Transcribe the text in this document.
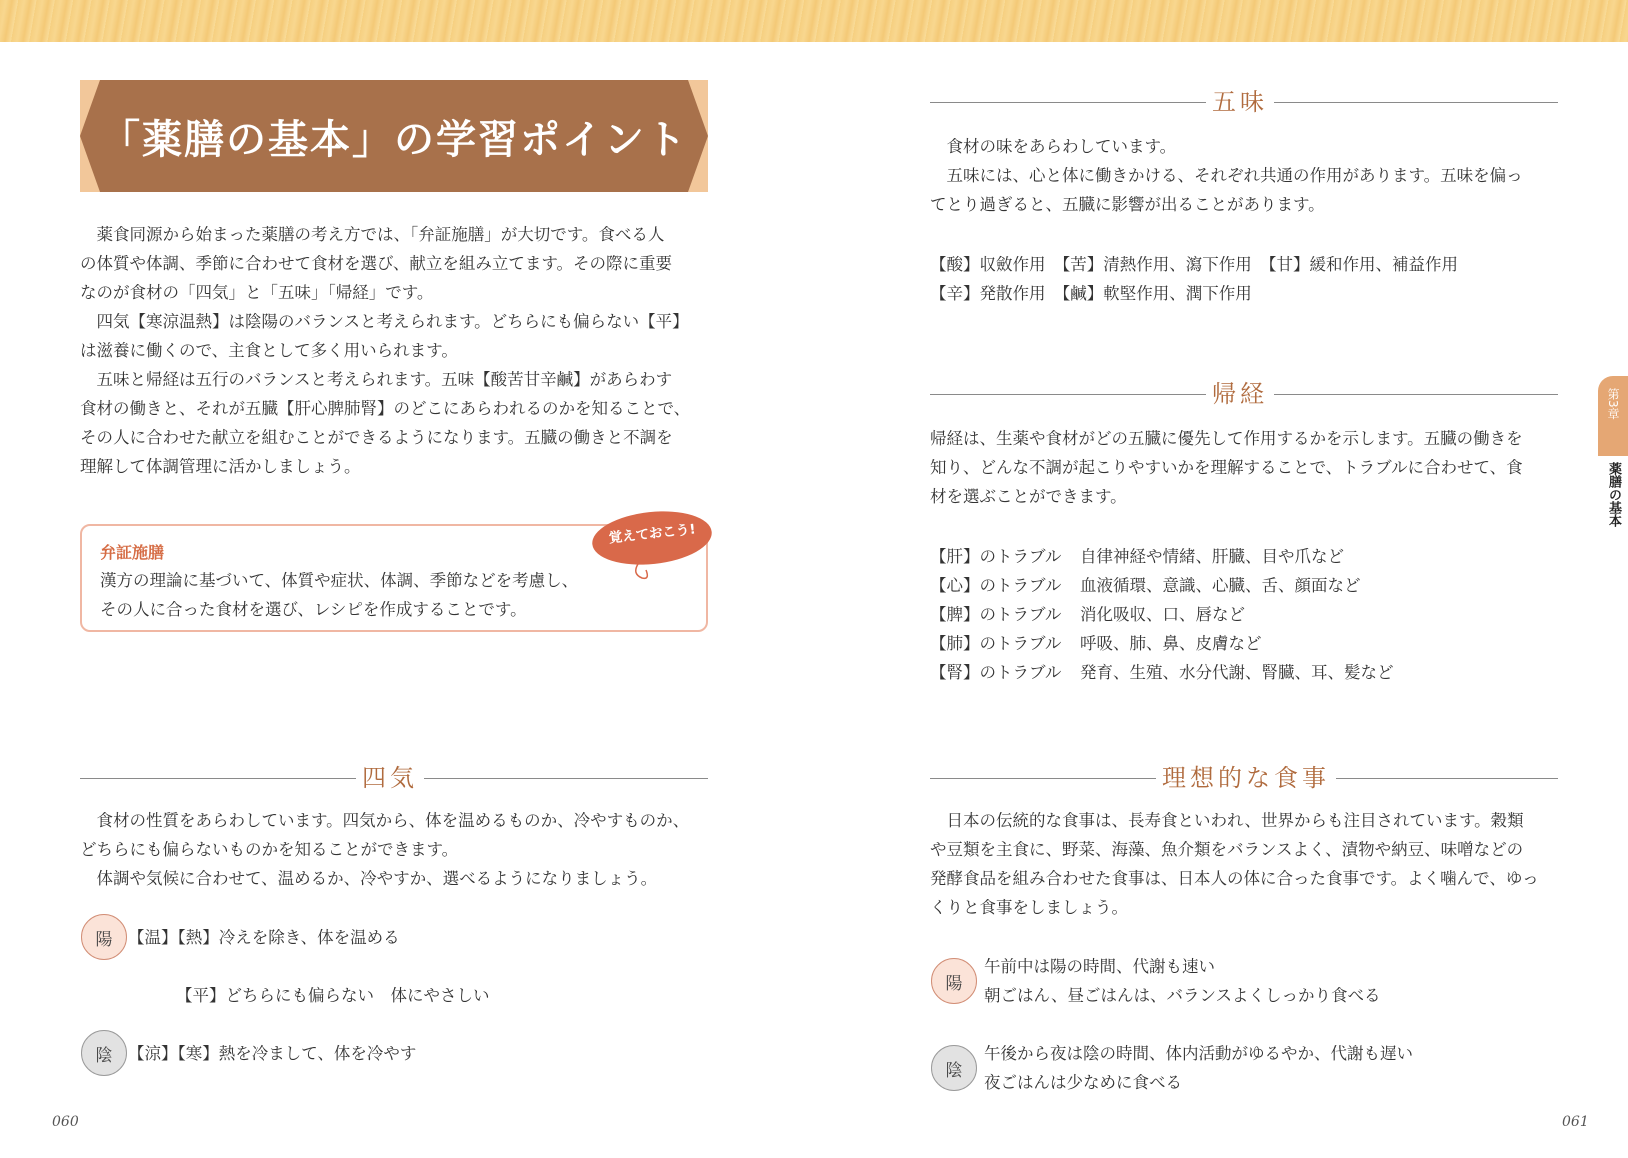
「薬膳の基本」の学習ポイント

薬食同源から始まった薬膳の考え方では、「弁証施膳」が大切です。食べる人

の体質や体調、季節に合わせて食材を選び、献立を組み立てます。その際に重要

なのが食材の「四気」と「五味」「帰経」です。

四気【寒涼温熱】は陰陽のバランスと考えられます。どちらにも偏らない【平】

は滋養に働くので、主食として多く用いられます。

五味と帰経は五行のバランスと考えられます。五味【酸苦甘辛鹹】があらわす

食材の働きと、それが五臓【肝心脾肺腎】のどこにあらわれるのかを知ることで、

その人に合わせた献立を組むことができるようになります。五臓の働きと不調を

理解して体調管理に活かしましょう。

弁証施膳
漢方の理論に基づいて、体質や症状、体調、季節などを考慮し、
その人に合った食材を選び、レシピを作成することです。
覚えておこう!
四気

食材の性質をあらわしています。四気から、体を温めるものか、冷やすものか、

どちらにも偏らないものかを知ることができます。

体調や気候に合わせて、温めるか、冷やすか、選べるようになりましょう。

陽 【温】【熱】冷えを除き、体を温める
【平】どちらにも偏らない　体にやさしい
陰 【涼】【寒】熱を冷まして、体を冷やす
五味

食材の味をあらわしています。

五味には、心と体に働きかける、それぞれ共通の作用があります。五味を偏っ

てとり過ぎると、五臓に影響が出ることがあります。

【酸】収斂作用　【苦】清熱作用、瀉下作用　【甘】緩和作用、補益作用
【辛】発散作用　【鹹】軟堅作用、潤下作用
帰経

帰経は、生薬や食材がどの五臓に優先して作用するかを示します。五臓の働きを

知り、どんな不調が起こりやすいかを理解することで、トラブルに合わせて、食

材を選ぶことができます。

【肝】のトラブル 自律神経や情緒、肝臓、目や爪など
【心】のトラブル 血液循環、意識、心臓、舌、顔面など
【脾】のトラブル 消化吸収、口、唇など
【肺】のトラブル 呼吸、肺、鼻、皮膚など
【腎】のトラブル 発育、生殖、水分代謝、腎臓、耳、髪など
理想的な食事

日本の伝統的な食事は、長寿食といわれ、世界からも注目されています。穀類

や豆類を主食に、野菜、海藻、魚介類をバランスよく、漬物や納豆、味噌などの

発酵食品を組み合わせた食事は、日本人の体に合った食事です。よく噛んで、ゆっ

くりと食事をしましょう。

陽
午前中は陽の時間、代謝も速い
朝ごはん、昼ごはんは、バランスよくしっかり食べる
陰
午後から夜は陰の時間、体内活動がゆるやか、代謝も遅い
夜ごはんは少なめに食べる
第3章
薬膳の基本
060	061
